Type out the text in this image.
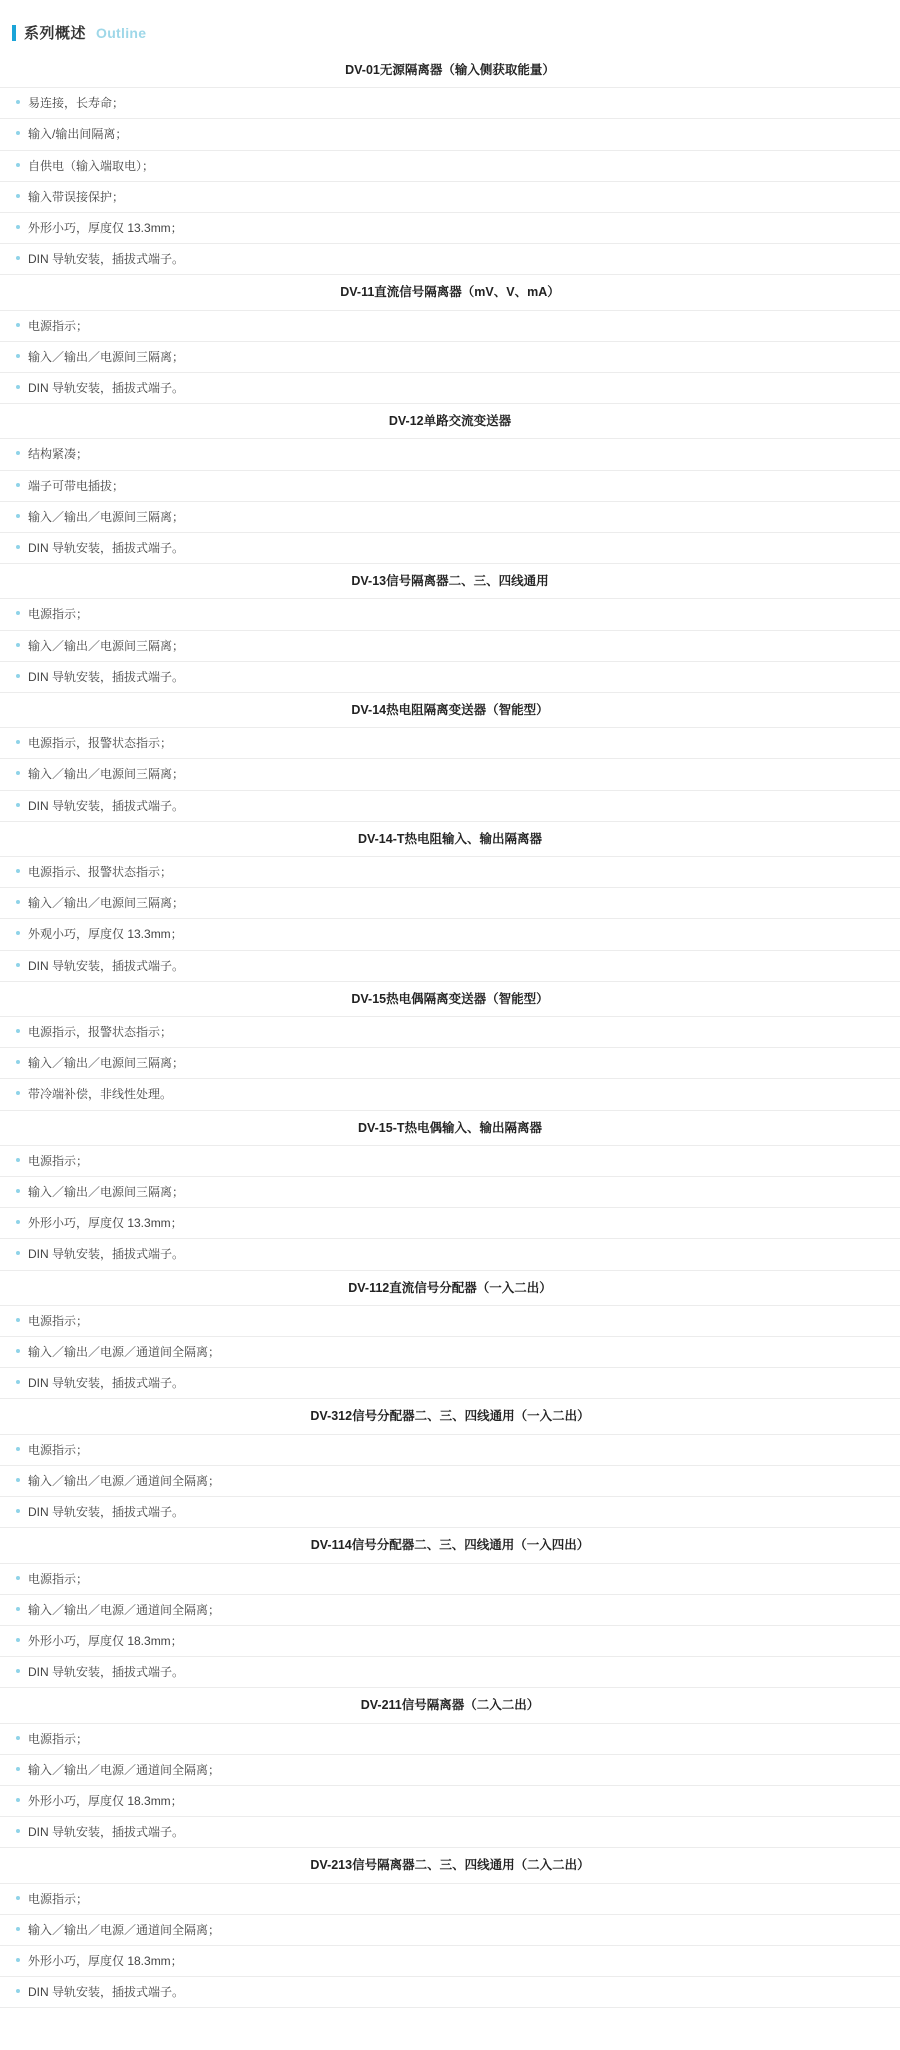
系列概述 Outline
DV-01无源隔离器（输入侧获取能量）
易连接，长寿命；
输入/输出间隔离；
自供电（输入端取电）；
输入带误接保护；
外形小巧，厚度仅 13.3mm；
DIN 导轨安装，插拔式端子。
DV-11直流信号隔离器（mV、V、mA）
电源指示；
输入／输出／电源间三隔离；
DIN 导轨安装，插拔式端子。
DV-12单路交流变送器
结构紧凑；
端子可带电插拔；
输入／输出／电源间三隔离；
DIN 导轨安装，插拔式端子。
DV-13信号隔离器二、三、四线通用
电源指示；
输入／输出／电源间三隔离；
DIN 导轨安装，插拔式端子。
DV-14热电阻隔离变送器（智能型）
电源指示，报警状态指示；
输入／输出／电源间三隔离；
DIN 导轨安装，插拔式端子。
DV-14-T热电阻输入、输出隔离器
电源指示、报警状态指示；
输入／输出／电源间三隔离；
外观小巧，厚度仅 13.3mm；
DIN 导轨安装，插拔式端子。
DV-15热电偶隔离变送器（智能型）
电源指示，报警状态指示；
输入／输出／电源间三隔离；
带冷端补偿，非线性处理。
DV-15-T热电偶输入、输出隔离器
电源指示；
输入／输出／电源间三隔离；
外形小巧，厚度仅 13.3mm；
DIN 导轨安装，插拔式端子。
DV-112直流信号分配器（一入二出）
电源指示；
输入／输出／电源／通道间全隔离；
DIN 导轨安装，插拔式端子。
DV-312信号分配器二、三、四线通用（一入二出）
电源指示；
输入／输出／电源／通道间全隔离；
DIN 导轨安装，插拔式端子。
DV-114信号分配器二、三、四线通用（一入四出）
电源指示；
输入／输出／电源／通道间全隔离；
外形小巧，厚度仅 18.3mm；
DIN 导轨安装，插拔式端子。
DV-211信号隔离器（二入二出）
电源指示；
输入／输出／电源／通道间全隔离；
外形小巧，厚度仅 18.3mm；
DIN 导轨安装，插拔式端子。
DV-213信号隔离器二、三、四线通用（二入二出）
电源指示；
输入／输出／电源／通道间全隔离；
外形小巧，厚度仅 18.3mm；
DIN 导轨安装，插拔式端子。
